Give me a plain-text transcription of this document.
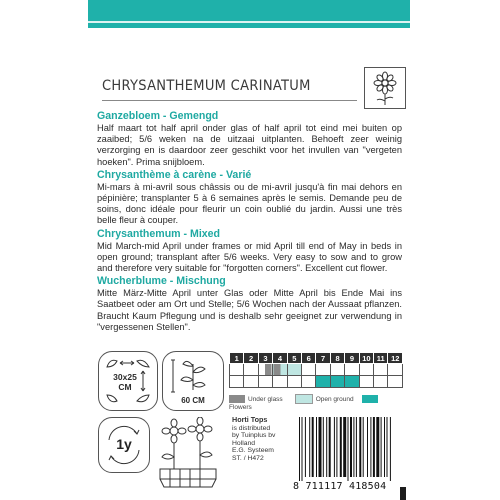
CHRYSANTHEMUM CARINATUM

Ganzebloem - Gemengd

Half maart tot half april onder glas of half april tot eind mei buiten op zaaibed; 5/6 weken na de uitzaai uitplanten. Behoeft zeer weinig verzorging en is daardoor zeer geschikt voor het invullen van "vergeten hoeken". Prima snijbloem.

Chrysanthème à carène - Varié

Mi-mars à mi-avril sous châssis ou de mi-avril jusqu'à fin mai dehors en pépinière; transplanter 5 à 6 semaines après le semis. Demande peu de soins, donc idéale pour fleurir un coin oublié du jardin. Aussi une très belle fleur à couper.

Chrysanthemum - Mixed

Mid March-mid April under frames or mid April till end of May in beds in open ground; transplant after 5/6 weeks. Very easy to sow and to grow and therefore very suitable for "forgotten corners". Excellent cut flower.

Wucherblume - Mischung

Mitte März-Mitte April unter Glas oder Mitte April bis Ende Mai ins Saatbeet oder am Ort und Stelle; 5/6 Wochen nach der Aussaat pflanzen. Braucht Kaum Pflegung und is deshalb sehr geeignet zur verwendung in "vergessenen Stellen".

30x25
CM
60 CM
1y
1	2	3	4	5	6	7	8	9	10	11	12

Under glass	Open groundFlowers
Horti Tops
is distributed
by Tuinplus bv
Holland
E.G. Systeem
ST. / H472
8 711117 418504
